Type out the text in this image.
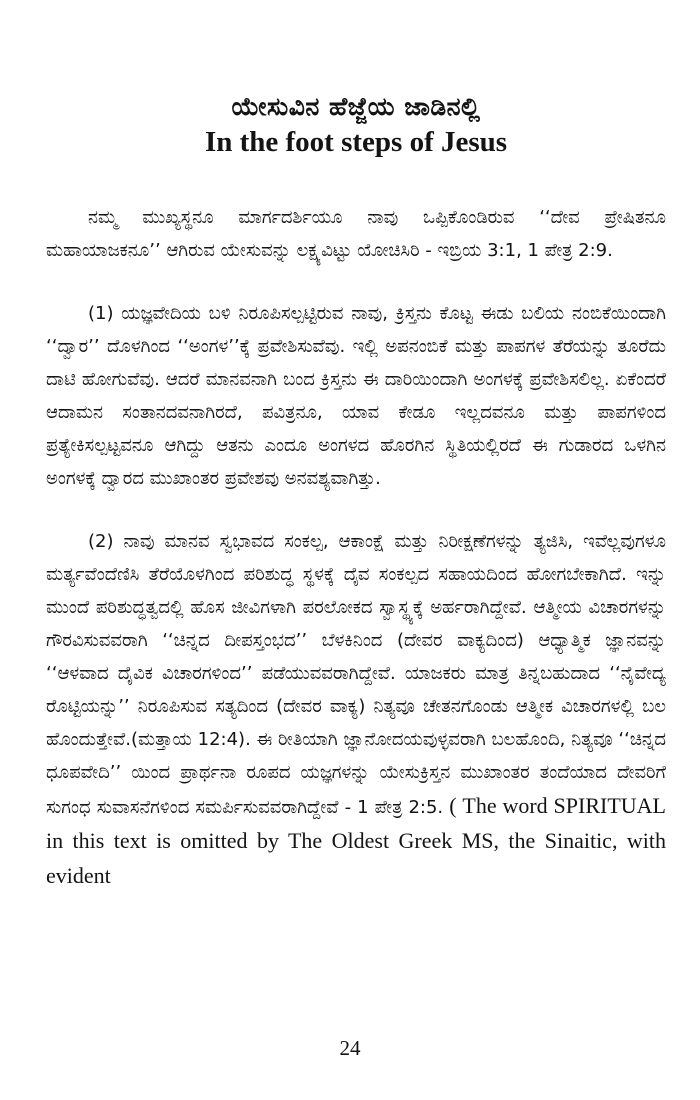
ಯೇಸುವಿನ ಹೆಜ್ಜೆಯ ಜಾಡಿನಲ್ಲಿ
In the foot steps of Jesus

ನಮ್ಮ ಮುಖ್ಯಸ್ಥನೂ ಮಾರ್ಗದರ್ಶಿಯೂ ನಾವು ಒಪ್ಪಿಕೊಂಡಿರುವ ‘‘ದೇವ ಪ್ರೇಷಿತನೂ ಮಹಾಯಾಜಕನೂ’’ ಆಗಿರುವ ಯೇಸುವನ್ನು ಲಕ್ಷ್ಯವಿಟ್ಟು ಯೋಚಿಸಿರಿ - ಇಬ್ರಿಯ 3:1, 1 ಪೇತ್ರ 2:9.

(1) ಯಜ್ಞವೇದಿಯ ಬಳಿ ನಿರೂಪಿಸಲ್ಪಟ್ಟಿರುವ ನಾವು, ಕ್ರಿಸ್ತನು ಕೊಟ್ಟ ಈಡು ಬಲಿಯ ನಂಬಿಕೆಯಿಂದಾಗಿ ‘‘ದ್ವಾರ’’ ದೊಳಗಿಂದ ‘‘ಅಂಗಳ’’ಕ್ಕೆ ಪ್ರವೇಶಿಸುವೆವು. ಇಲ್ಲಿ ಅಪನಂಬಿಕೆ ಮತ್ತು ಪಾಪಗಳ ತೆರೆಯನ್ನು ತೂರೆದು ದಾಟಿ ಹೋಗುವೆವು. ಆದರೆ ಮಾನವನಾಗಿ ಬಂದ ಕ್ರಿಸ್ತನು ಈ ದಾರಿಯಿಂದಾಗಿ ಅಂಗಳಕ್ಕೆ ಪ್ರವೇಶಿಸಲಿಲ್ಲ. ಏಕೆಂದರೆ ಆದಾಮನ ಸಂತಾನದವನಾಗಿರದೆ, ಪವಿತ್ರನೂ, ಯಾವ ಕೇಡೂ ಇಲ್ಲದವನೂ ಮತ್ತು ಪಾಪಗಳಿಂದ ಪ್ರತ್ಯೇಕಿಸಲ್ಪಟ್ಟವನೂ ಆಗಿದ್ದು ಆತನು ಎಂದೂ ಅಂಗಳದ ಹೊರಗಿನ ಸ್ಥಿತಿಯಲ್ಲಿರದೆ ಈ ಗುಡಾರದ ಒಳಗಿನ ಅಂಗಳಕ್ಕೆ ದ್ವಾರದ ಮುಖಾಂತರ ಪ್ರವೇಶವು ಅನವಶ್ಯವಾಗಿತ್ತು.

(2) ನಾವು ಮಾನವ ಸ್ವಭಾವದ ಸಂಕಲ್ಪ, ಆಕಾಂಕ್ಷೆ ಮತ್ತು ನಿರೀಕ್ಷಣೆಗಳನ್ನು ತ್ಯಜಿಸಿ, ಇವೆಲ್ಲವುಗಳೂ ಮರ್ತ್ಯವೆಂದೆಣಿಸಿ ತೆರೆಯೊಳಗಿಂದ ಪರಿಶುದ್ಧ ಸ್ಥಳಕ್ಕೆ ದೈವ ಸಂಕಲ್ಪದ ಸಹಾಯದಿಂದ ಹೋಗಬೇಕಾಗಿದೆ. ಇನ್ನು ಮುಂದೆ ಪರಿಶುದ್ಧತ್ವದಲ್ಲಿ ಹೊಸ ಜೀವಿಗಳಾಗಿ ಪರಲೋಕದ ಸ್ವಾಸ್ಥ್ಯಕ್ಕೆ ಅರ್ಹರಾಗಿದ್ದೇವೆ. ಆತ್ಮೀಯ ವಿಚಾರಗಳನ್ನು ಗೌರವಿಸುವವರಾಗಿ ‘‘ಚಿನ್ನದ ದೀಪಸ್ತಂಭದ’’ ಬೆಳಕಿನಿಂದ (ದೇವರ ವಾಕ್ಯದಿಂದ) ಆಧ್ಯಾತ್ಮಿಕ ಜ್ಞಾನವನ್ನು ‘‘ಆಳವಾದ ದೈವಿಕ ವಿಚಾರಗಳಿಂದ’’ ಪಡೆಯುವವರಾಗಿದ್ದೇವೆ. ಯಾಜಕರು ಮಾತ್ರ ತಿನ್ನಬಹುದಾದ ‘‘ನೈವೇದ್ಯ ರೊಟ್ಟಿಯನ್ನು’’ ನಿರೂಪಿಸುವ ಸತ್ಯದಿಂದ (ದೇವರ ವಾಕ್ಯ) ನಿತ್ಯವೂ ಚೇತನಗೊಂಡು ಆತ್ಮೀಕ ವಿಚಾರಗಳಲ್ಲಿ ಬಲ ಹೊಂದುತ್ತೇವೆ.(ಮತ್ತಾಯ 12:4). ಈ ರೀತಿಯಾಗಿ ಜ್ಞಾನೋದಯವುಳ್ಳವರಾಗಿ ಬಲಹೊಂದಿ, ನಿತ್ಯವೂ ‘‘ಚಿನ್ನದ ಧೂಪವೇದಿ’’ ಯಿಂದ ಪ್ರಾರ್ಥನಾ ರೂಪದ ಯಜ್ಞಗಳನ್ನು ಯೇಸುಕ್ರಿಸ್ತನ ಮುಖಾಂತರ ತಂದೆಯಾದ ದೇವರಿಗೆ ಸುಗಂಧ ಸುವಾಸನೆಗಳಿಂದ ಸಮರ್ಪಿಸುವವರಾಗಿದ್ದೇವೆ - 1 ಪೇತ್ರ 2:5. ( The word SPIRITUAL in this text is omitted by The Oldest Greek MS, the Sinaitic, with evident

24
